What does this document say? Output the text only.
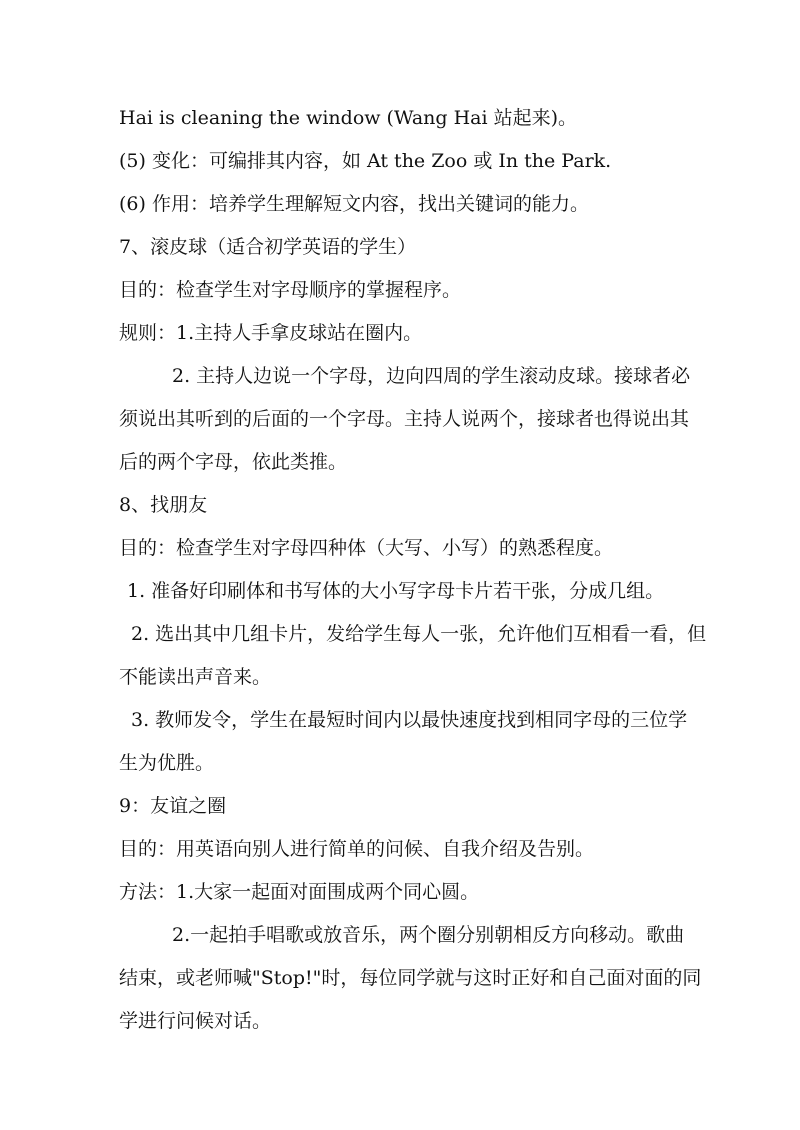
Hai is cleaning the window (Wang Hai 站起来)。
(5) 变化：可编排其内容，如 At the Zoo 或 In the Park.
(6) 作用：培养学生理解短文内容，找出关键词的能力。
7、滚皮球（适合初学英语的学生）
目的：检查学生对字母顺序的掌握程序。
规则：1.主持人手拿皮球站在圈内。
2. 主持人边说一个字母，边向四周的学生滚动皮球。接球者必
须说出其听到的后面的一个字母。主持人说两个，接球者也得说出其
后的两个字母，依此类推。
8、找朋友
目的：检查学生对字母四种体（大写、小写）的熟悉程度。
1. 准备好印刷体和书写体的大小写字母卡片若干张，分成几组。
2. 选出其中几组卡片，发给学生每人一张，允许他们互相看一看，但
不能读出声音来。
3. 教师发令，学生在最短时间内以最快速度找到相同字母的三位学
生为优胜。
9：友谊之圈
目的：用英语向别人进行简单的问候、自我介绍及告别。
方法：1.大家一起面对面围成两个同心圆。
2.一起拍手唱歌或放音乐，两个圈分别朝相反方向移动。歌曲
结束，或老师喊"Stop!"时，每位同学就与这时正好和自己面对面的同
学进行问候对话。
